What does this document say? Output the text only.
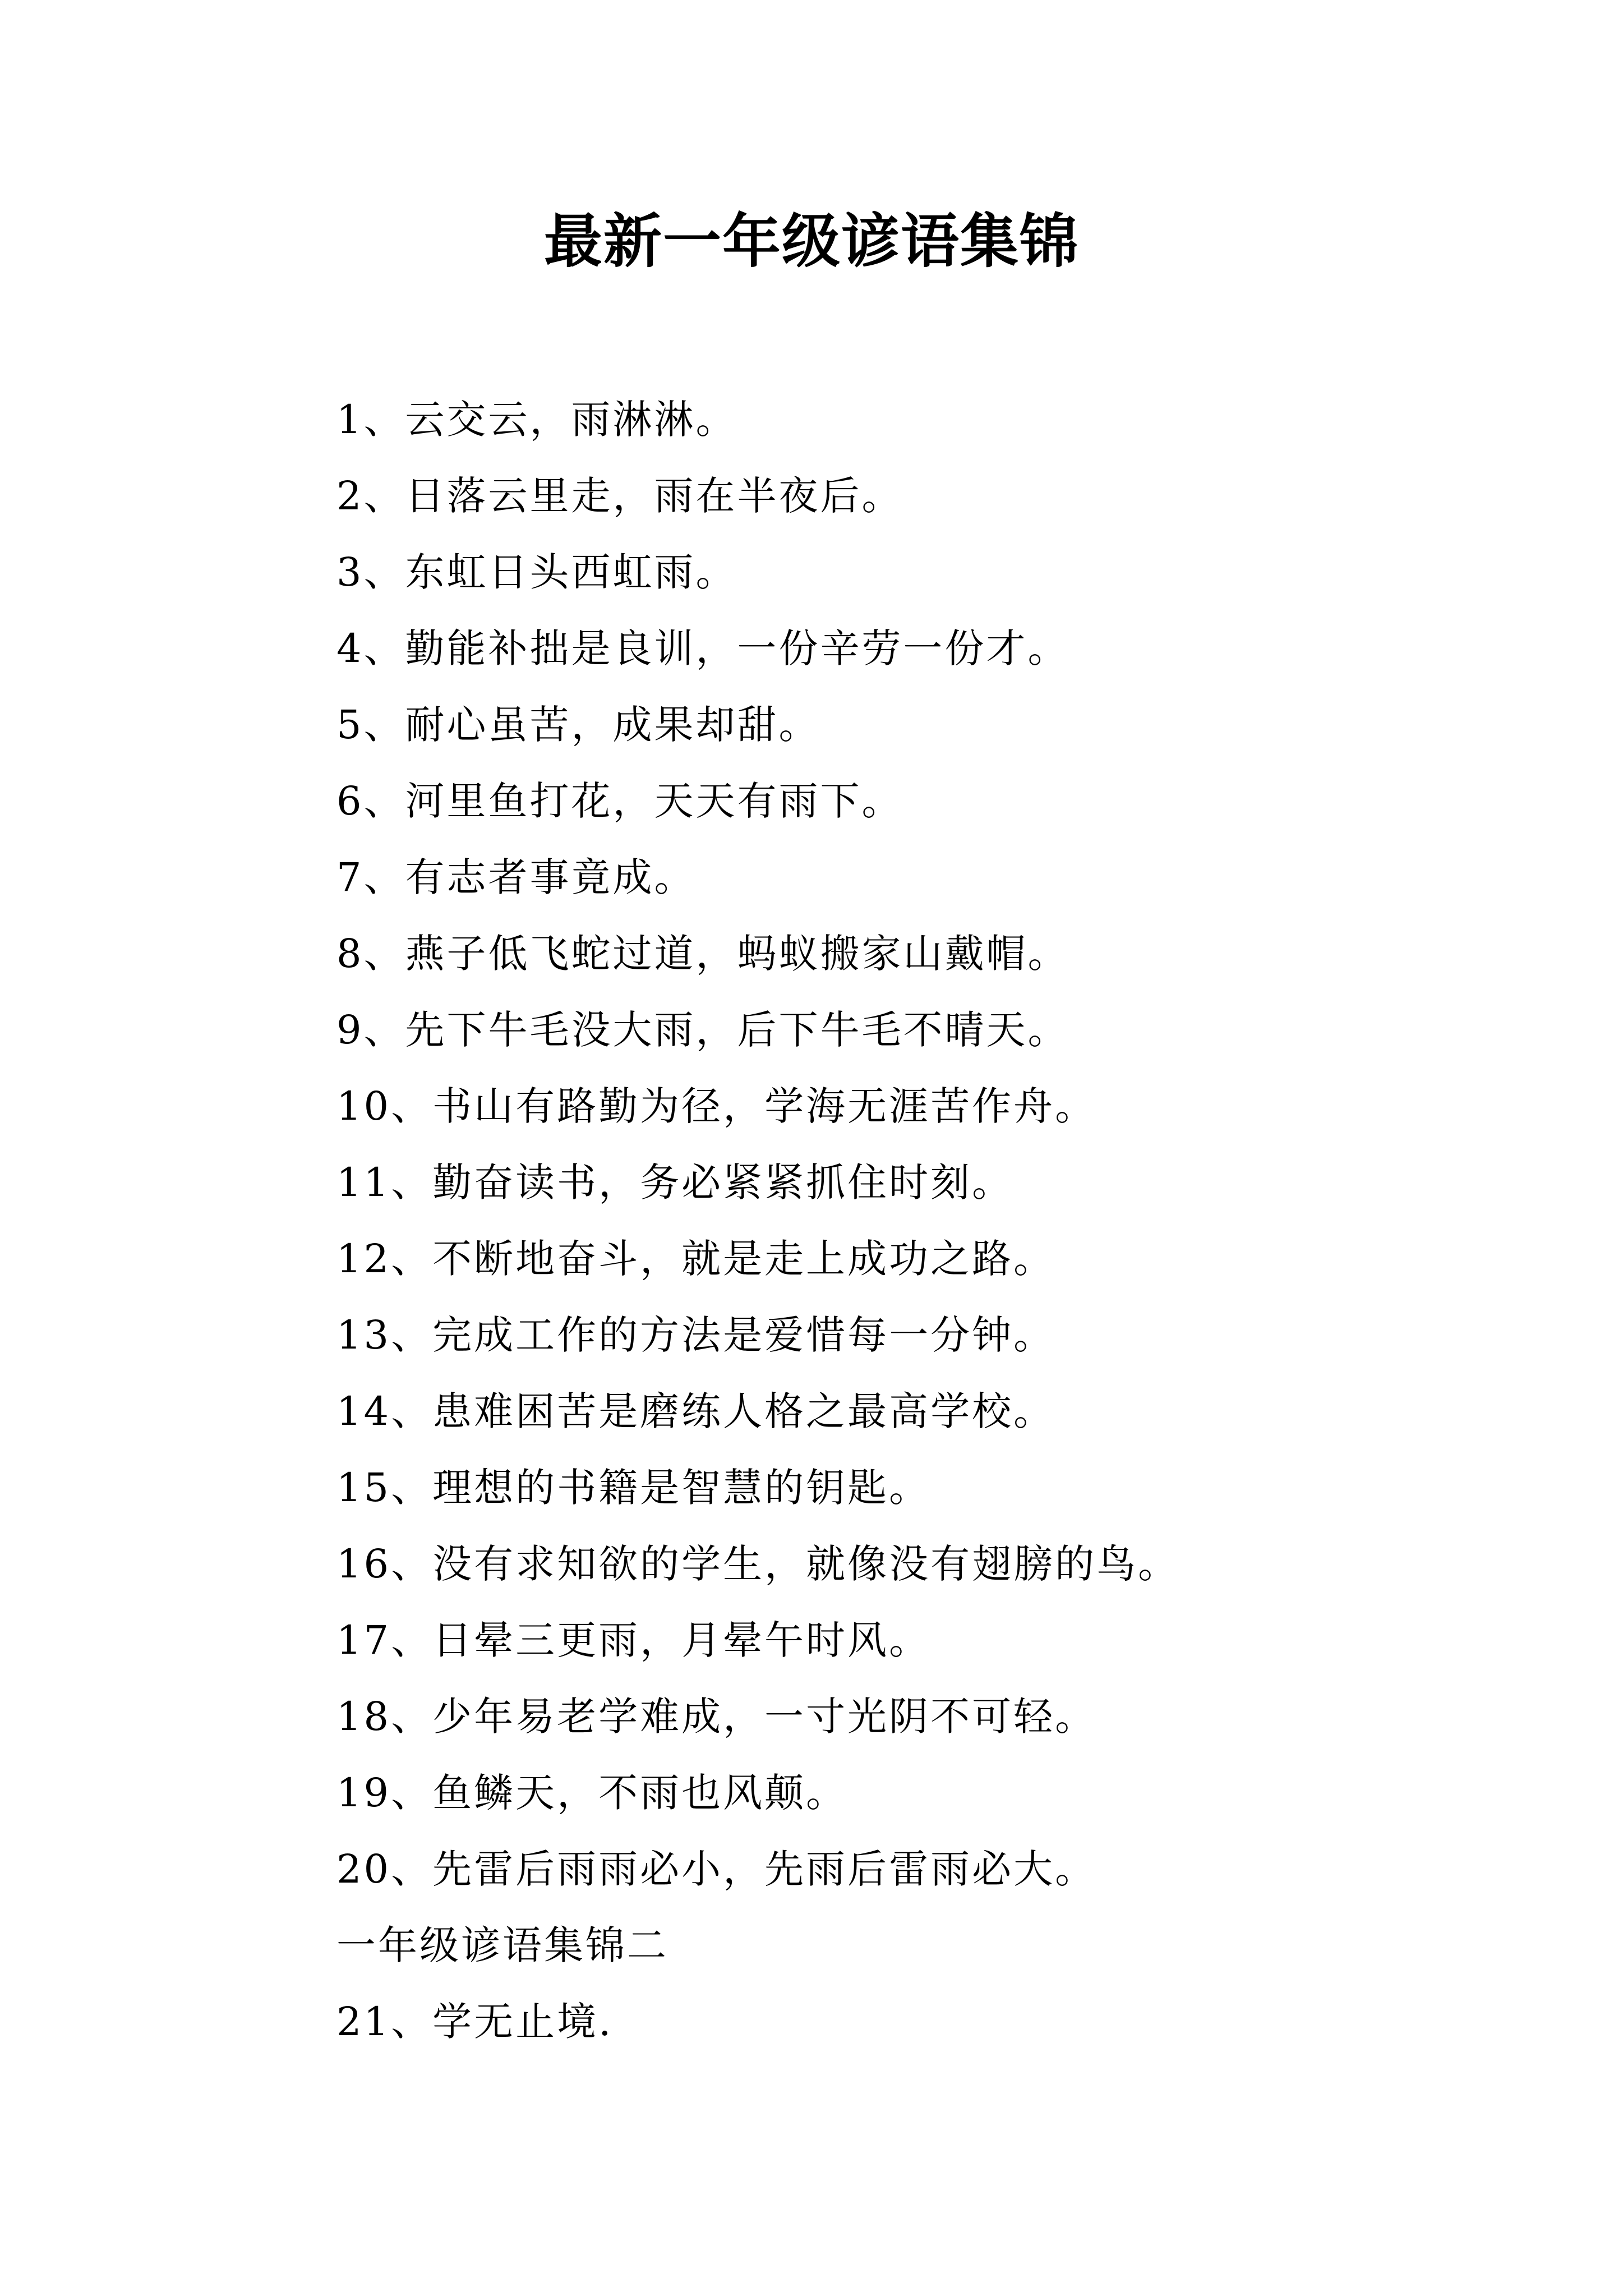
最新一年级谚语集锦
1、云交云，雨淋淋。
2、日落云里走，雨在半夜后。
3、东虹日头西虹雨。
4、勤能补拙是良训，一份辛劳一份才。
5、耐心虽苦，成果却甜。
6、河里鱼打花，天天有雨下。
7、有志者事竟成。
8、燕子低飞蛇过道，蚂蚁搬家山戴帽。
9、先下牛毛没大雨，后下牛毛不晴天。
10、书山有路勤为径，学海无涯苦作舟。
11、勤奋读书，务必紧紧抓住时刻。
12、不断地奋斗，就是走上成功之路。
13、完成工作的方法是爱惜每一分钟。
14、患难困苦是磨练人格之最高学校。
15、理想的书籍是智慧的钥匙。
16、没有求知欲的学生，就像没有翅膀的鸟。
17、日晕三更雨，月晕午时风。
18、少年易老学难成，一寸光阴不可轻。
19、鱼鳞天，不雨也风颠。
20、先雷后雨雨必小，先雨后雷雨必大。
一年级谚语集锦二
21、学无止境.
